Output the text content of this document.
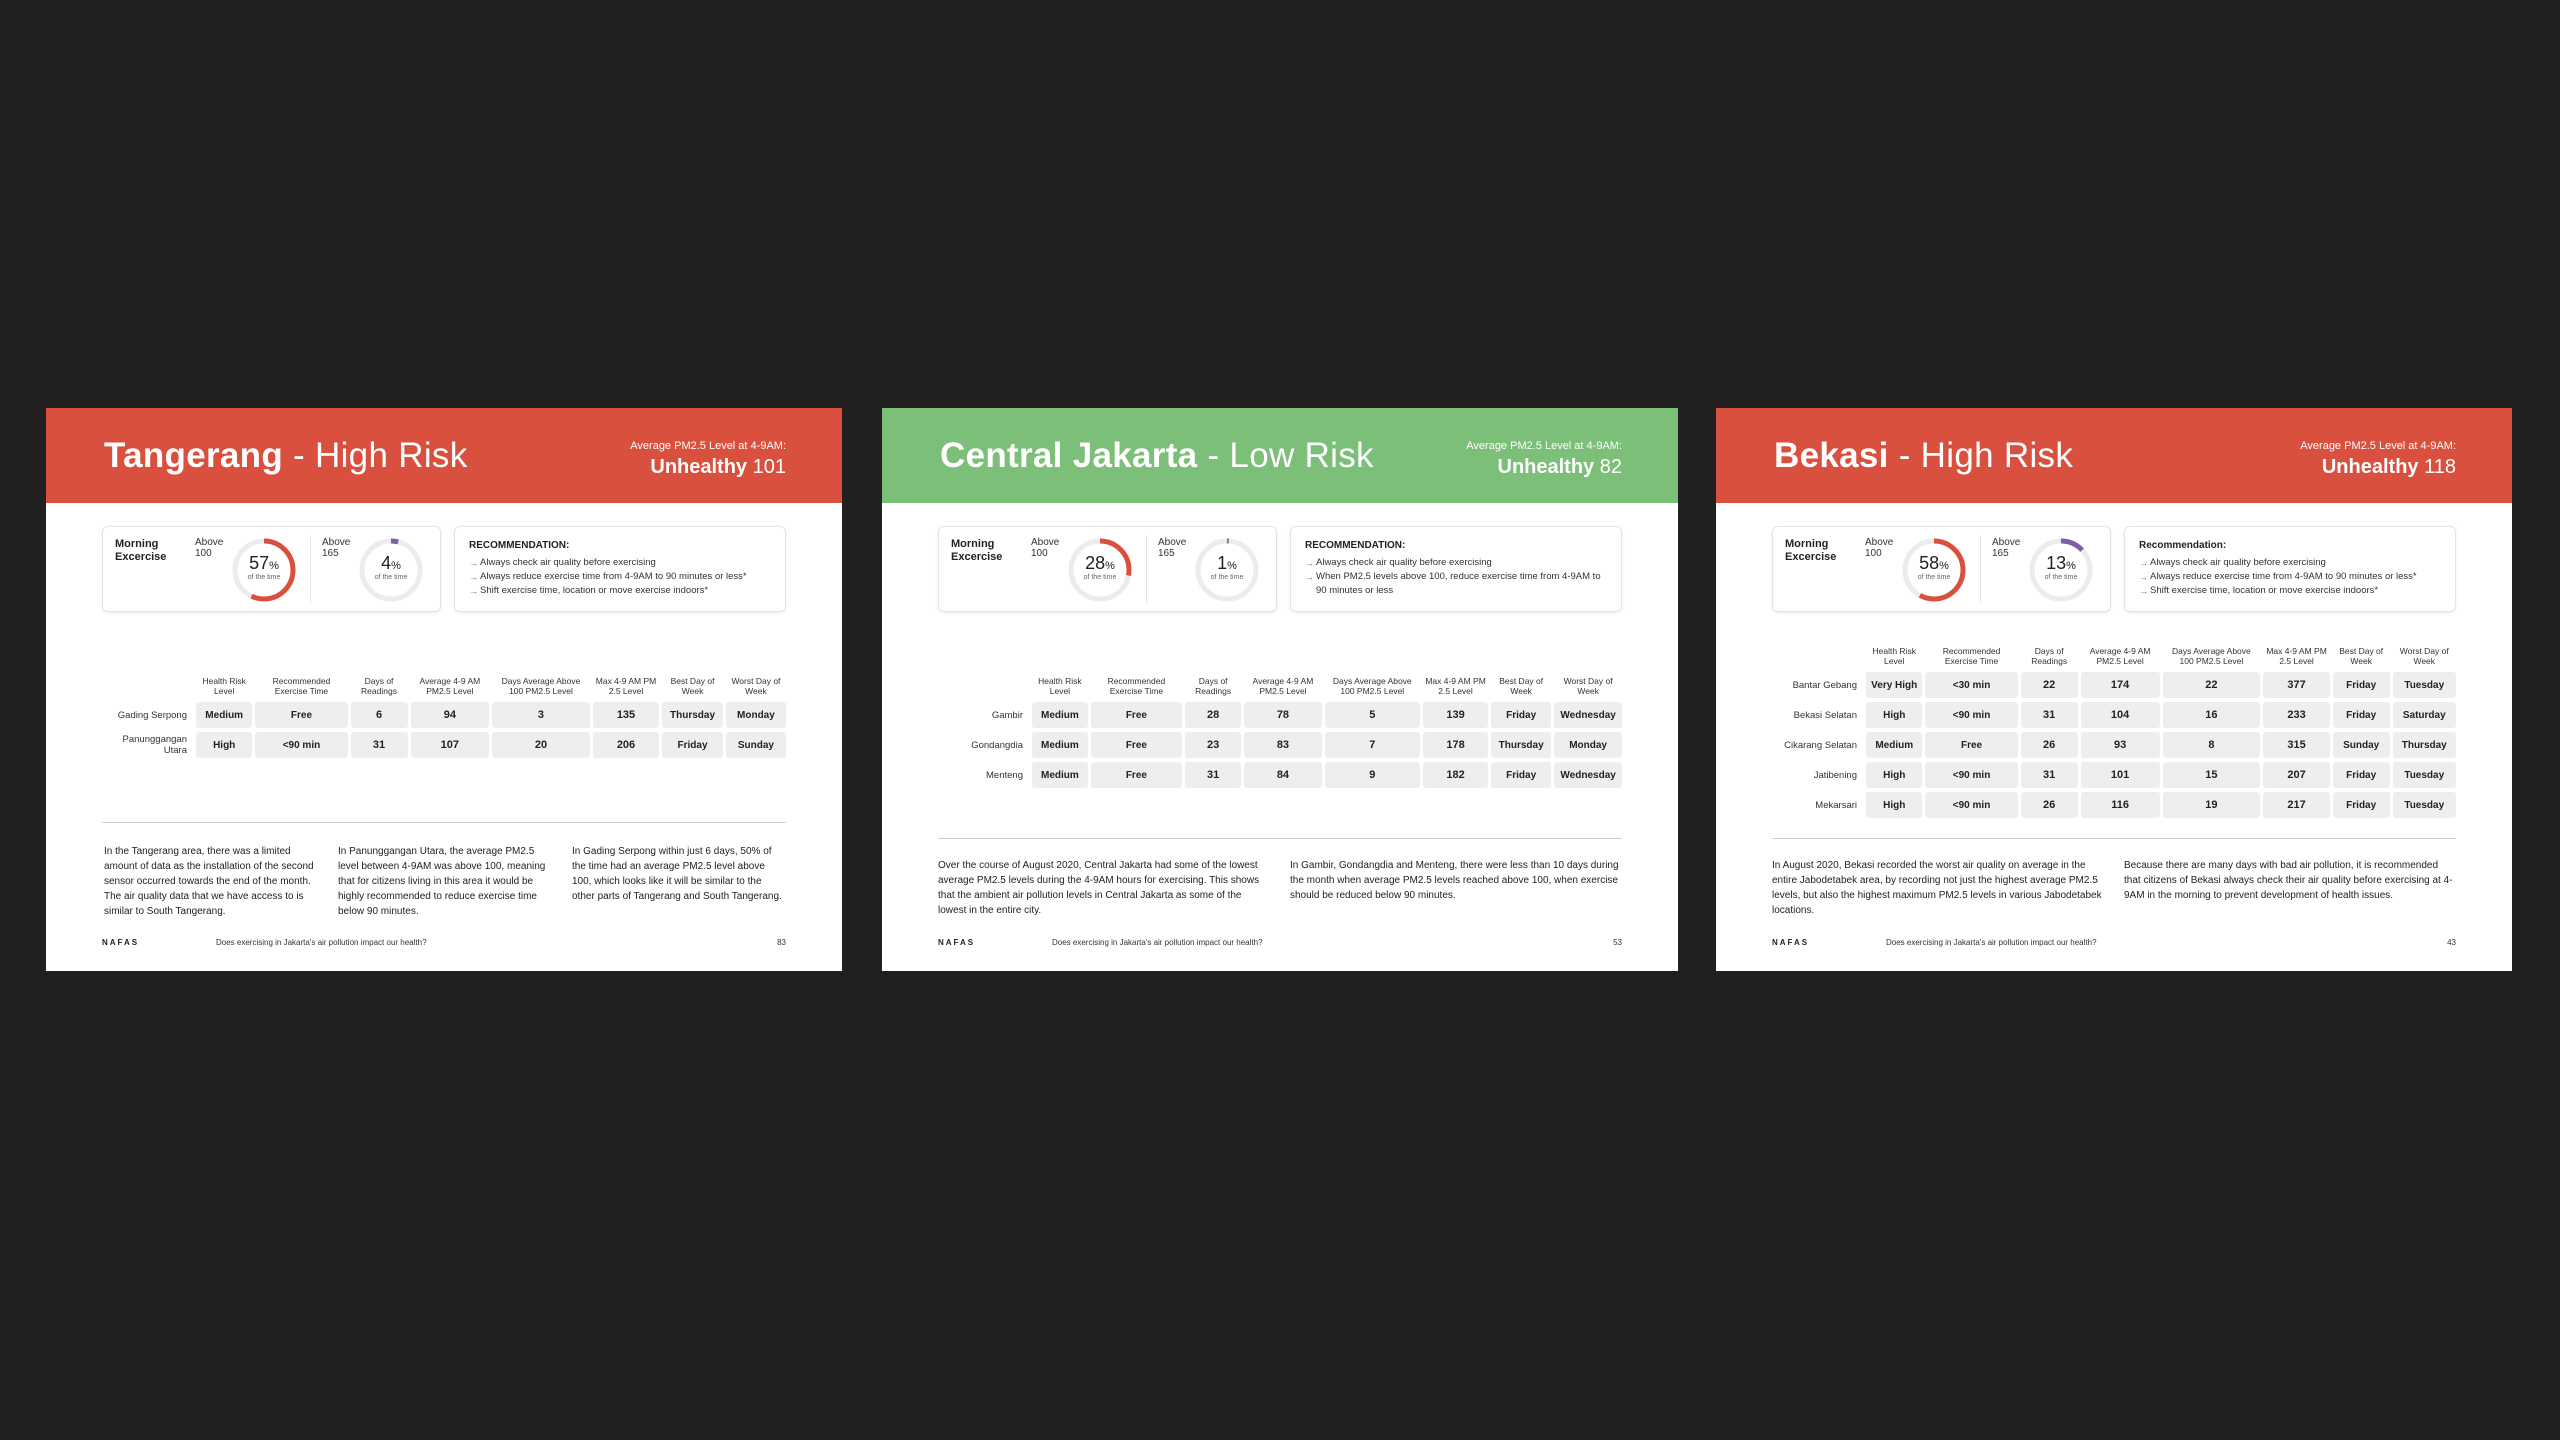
Tangerang - High Risk	Average PM2.5 Level at 4-9AM:
Unhealthy 101
Morning Excercise
Above 100	57%
of the time
Above 165	4%
of the time
RECOMMENDATION:
→ Always check air quality before exercising
→ Always reduce exercise time from 4-9AM to 90 minutes or less*
→ Shift exercise time, location or move exercise indoors*
	Health Risk Level	Recommended Exercise Time	Days of Readings	Average 4-9 AM PM2.5 Level	Days Average Above 100 PM2.5 Level	Max 4-9 AM PM 2.5 Level	Best Day of Week	Worst Day of Week
Gading Serpong	Medium	Free	6	94	3	135	Thursday	Monday
Panunggangan Utara	High	<90 min	31	107	20	206	Friday	Sunday
In the Tangerang area, there was a limited amount of data as the installation of the second sensor occurred towards the end of the month. The air quality data that we have access to is similar to South Tangerang.
In Panunggangan Utara, the average PM2.5 level between 4-9AM was above 100, meaning that for citizens living in this area it would be highly recommended to reduce exercise time below 90 minutes.
In Gading Serpong within just 6 days, 50% of the time had an average PM2.5 level above 100, which looks like it will be similar to the other parts of Tangerang and South Tangerang.
NAFAS	Does exercising in Jakarta's air pollution impact our health?	83
Central Jakarta - Low Risk	Average PM2.5 Level at 4-9AM:
Unhealthy 82
Morning Excercise
Above 100	28%
of the time
Above 165	1%
of the time
RECOMMENDATION:
→ Always check air quality before exercising
→ When PM2.5 levels above 100, reduce exercise time from 4-9AM to 90 minutes or less
	Health Risk Level	Recommended Exercise Time	Days of Readings	Average 4-9 AM PM2.5 Level	Days Average Above 100 PM2.5 Level	Max 4-9 AM PM 2.5 Level	Best Day of Week	Worst Day of Week
Gambir	Medium	Free	28	78	5	139	Friday	Wednesday
Gondangdia	Medium	Free	23	83	7	178	Thursday	Monday
Menteng	Medium	Free	31	84	9	182	Friday	Wednesday
Over the course of August 2020, Central Jakarta had some of the lowest average PM2.5 levels during the 4-9AM hours for exercising. This shows that the ambient air pollution levels in Central Jakarta as some of the lowest in the entire city.
In Gambir, Gondangdia and Menteng, there were less than 10 days during the month when average PM2.5 levels reached above 100, when exercise should be reduced below 90 minutes.
NAFAS	Does exercising in Jakarta's air pollution impact our health?	53
Bekasi - High Risk	Average PM2.5 Level at 4-9AM:
Unhealthy 118
Morning Excercise
Above 100	58%
of the time
Above 165	13%
of the time
Recommendation:
→ Always check air quality before exercising
→ Always reduce exercise time from 4-9AM to 90 minutes or less*
→ Shift exercise time, location or move exercise indoors*
	Health Risk Level	Recommended Exercise Time	Days of Readings	Average 4-9 AM PM2.5 Level	Days Average Above 100 PM2.5 Level	Max 4-9 AM PM 2.5 Level	Best Day of Week	Worst Day of Week
Bantar Gebang	Very High	<30 min	22	174	22	377	Friday	Tuesday
Bekasi Selatan	High	<90 min	31	104	16	233	Friday	Saturday
Cikarang Selatan	Medium	Free	26	93	8	315	Sunday	Thursday
Jatibening	High	<90 min	31	101	15	207	Friday	Tuesday
Mekarsari	High	<90 min	26	116	19	217	Friday	Tuesday
In August 2020, Bekasi recorded the worst air quality on average in the entire Jabodetabek area, by recording not just the highest average PM2.5 levels, but also the highest maximum PM2.5 levels in various Jabodetabek locations.
Because there are many days with bad air pollution, it is recommended that citizens of Bekasi always check their air quality before exercising at 4-9AM in the morning to prevent development of health issues.
NAFAS	Does exercising in Jakarta's air pollution impact our health?	43
